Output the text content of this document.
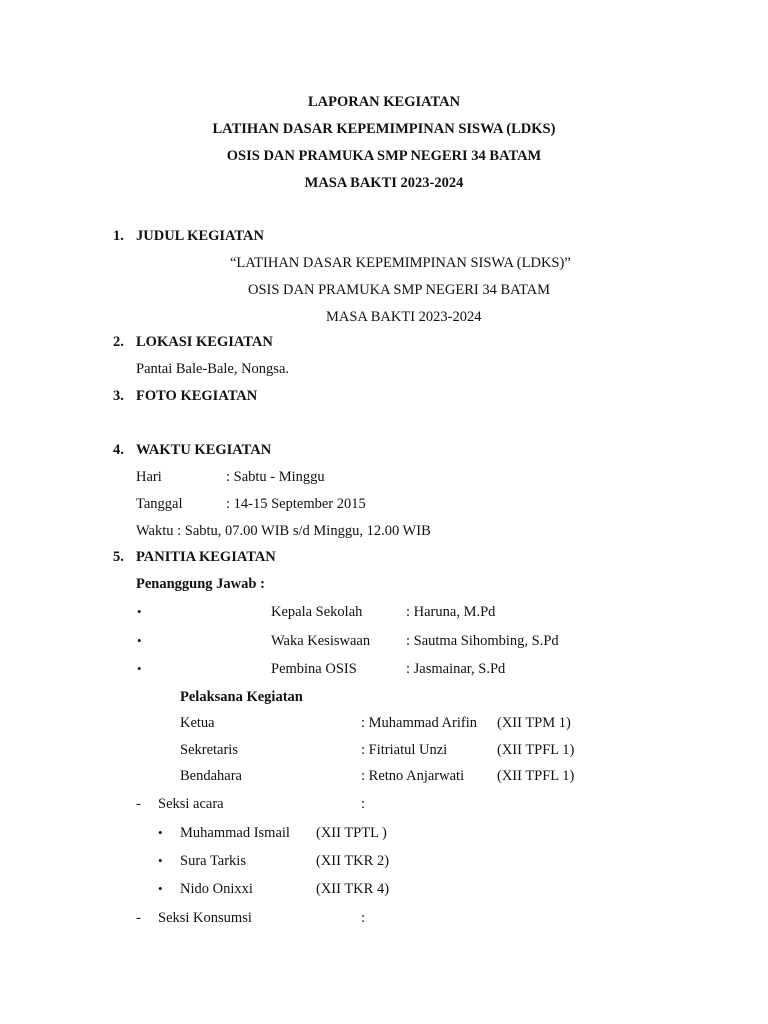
LAPORAN KEGIATAN
LATIHAN DASAR KEPEMIMPINAN SISWA (LDKS)
OSIS DAN PRAMUKA SMP NEGERI 34 BATAM
MASA BAKTI 2023-2024
1. JUDUL KEGIATAN
“LATIHAN DASAR KEPEMIMPINAN SISWA (LDKS)”
OSIS DAN PRAMUKA SMP NEGERI 34 BATAM
MASA BAKTI 2023-2024
2. LOKASI KEGIATAN
Pantai Bale-Bale, Nongsa.
3. FOTO KEGIATAN
4. WAKTU KEGIATAN
Hari	: Sabtu - Minggu
Tanggal	: 14-15 September 2015
Waktu : Sabtu, 07.00 WIB s/d Minggu, 12.00 WIB
5. PANITIA KEGIATAN
Penanggung Jawab :
•	Kepala Sekolah	: Haruna, M.Pd
•	Waka Kesiswaan : Sautma Sihombing, S.Pd
•	Pembina OSIS	: Jasmainar, S.Pd
Pelaksana Kegiatan
Ketua	: Muhammad Arifin (XII TPM 1)
Sekretaris	: Fitriatul Unzi	(XII TPFL 1)
Bendahara	: Retno Anjarwati (XII TPFL 1)
- Seksi acara	:
• Muhammad Ismail (XII TPTL )
• Sura Tarkis	(XII TKR 2)
• Nido Onixxi	(XII TKR 4)
- Seksi Konsumsi	:
